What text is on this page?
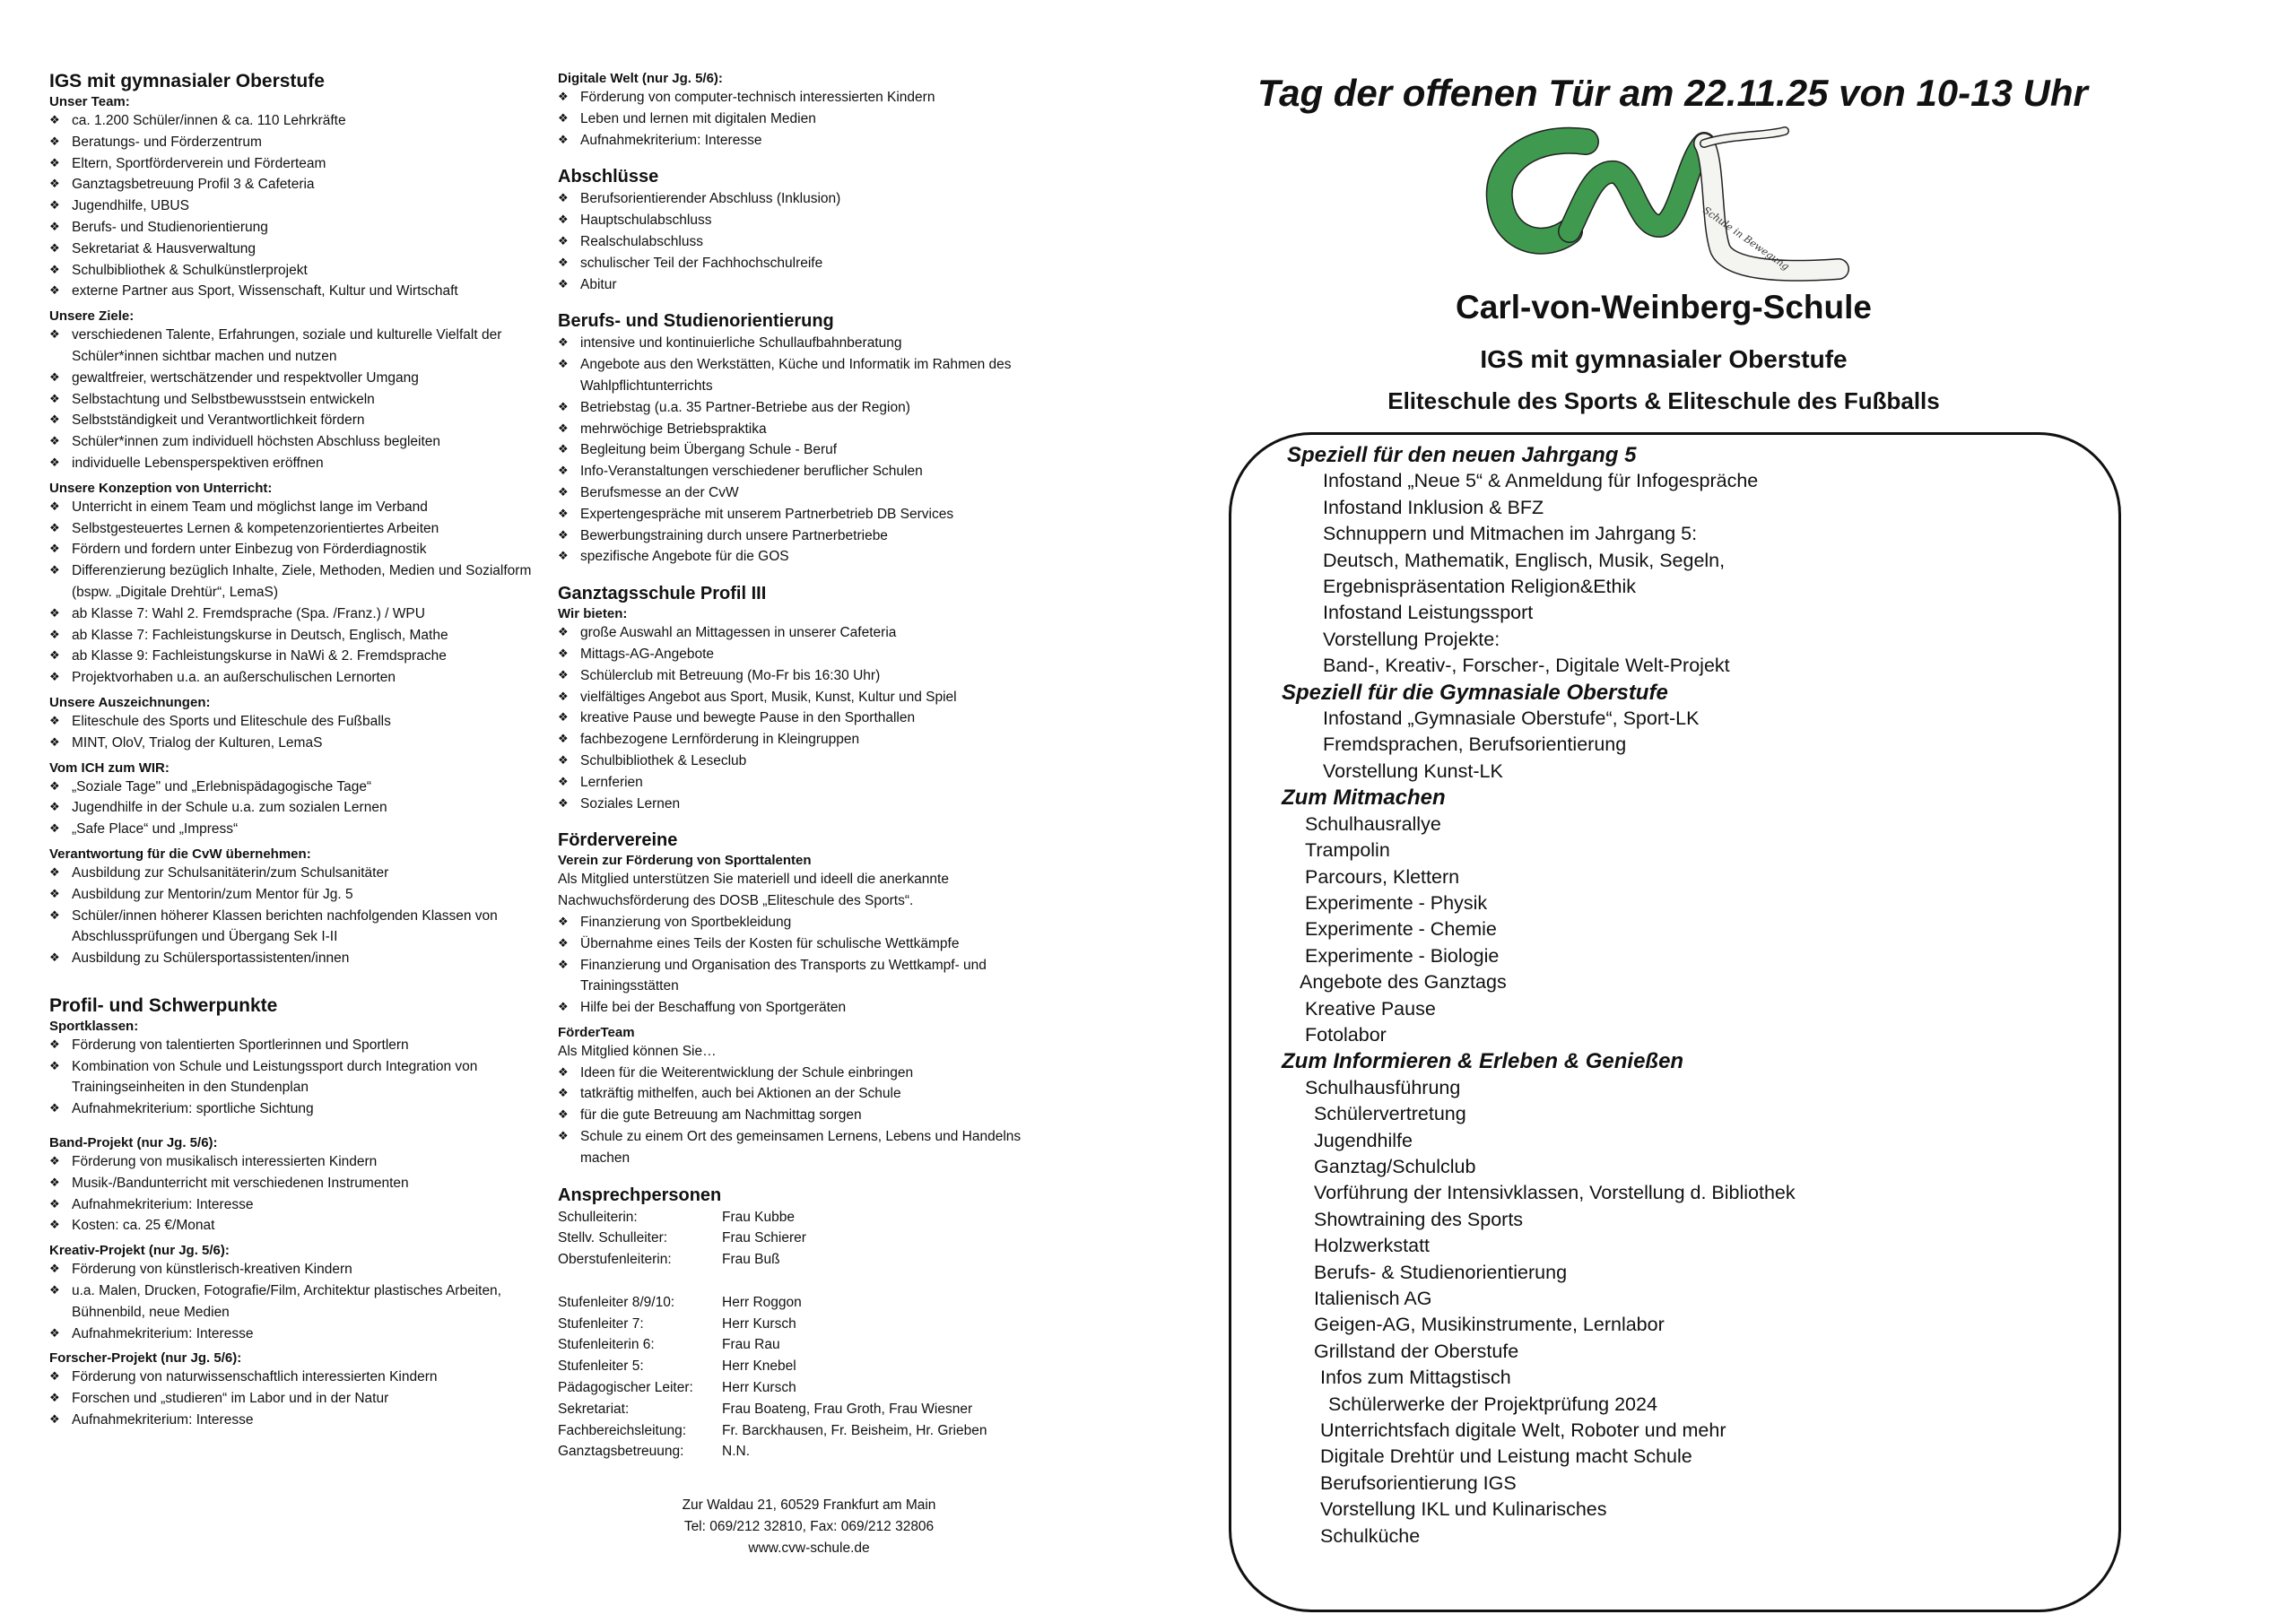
IGS mit gymnasialer Oberstufe

Unser Team:

❖ ca. 1.200 Schüler/innen & ca. 110 Lehrkräfte
❖ Beratungs- und Förderzentrum
❖ Eltern, Sportförderverein und Förderteam
❖ Ganztagsbetreuung Profil 3 & Cafeteria
❖ Jugendhilfe, UBUS
❖ Berufs- und Studienorientierung
❖ Sekretariat & Hausverwaltung
❖ Schulbibliothek & Schulkünstlerprojekt
❖ externe Partner aus Sport, Wissenschaft, Kultur und Wirtschaft

Unsere Ziele:

❖ verschiedenen Talente, Erfahrungen, soziale und kulturelle Vielfalt der Schüler*innen sichtbar machen und nutzen
❖ gewaltfreier, wertschätzender und respektvoller Umgang
❖ Selbstachtung und Selbstbewusstsein entwickeln
❖ Selbstständigkeit und Verantwortlichkeit fördern
❖ Schüler*innen zum individuell höchsten Abschluss begleiten
❖ individuelle Lebensperspektiven eröffnen

Unsere Konzeption von Unterricht:

❖ Unterricht in einem Team und möglichst lange im Verband
❖ Selbstgesteuertes Lernen & kompetenzorientiertes Arbeiten
❖ Fördern und fordern unter Einbezug von Förderdiagnostik
❖ Differenzierung bezüglich Inhalte, Ziele, Methoden, Medien und Sozialform (bspw. „Digitale Drehtür“, LemaS)
❖ ab Klasse 7: Wahl 2. Fremdsprache (Spa. /Franz.) / WPU
❖ ab Klasse 7: Fachleistungskurse in Deutsch, Englisch, Mathe
❖ ab Klasse 9: Fachleistungskurse in NaWi & 2. Fremdsprache
❖ Projektvorhaben u.a. an außerschulischen Lernorten

Unsere Auszeichnungen:

❖ Eliteschule des Sports und Eliteschule des Fußballs
❖ MINT, OloV, Trialog der Kulturen, LemaS

Vom ICH zum WIR:

❖ „Soziale Tage" und „Erlebnispädagogische Tage“
❖ Jugendhilfe in der Schule u.a. zum sozialen Lernen
❖ „Safe Place“ und „Impress“

Verantwortung für die CvW übernehmen:

❖ Ausbildung zur Schulsanitäterin/zum Schulsanitäter
❖ Ausbildung zur Mentorin/zum Mentor für Jg. 5
❖ Schüler/innen höherer Klassen berichten nachfolgenden Klassen von Abschlussprüfungen und Übergang Sek I-II
❖ Ausbildung zu Schülersportassistenten/innen

Profil- und Schwerpunkte

Sportklassen:

❖ Förderung von talentierten Sportlerinnen und Sportlern
❖ Kombination von Schule und Leistungssport durch Integration von Trainingseinheiten in den Stundenplan
❖ Aufnahmekriterium: sportliche Sichtung

Band-Projekt (nur Jg. 5/6):

❖ Förderung von musikalisch interessierten Kindern
❖ Musik-/Bandunterricht mit verschiedenen Instrumenten
❖ Aufnahmekriterium: Interesse
❖ Kosten: ca. 25 €/Monat

Kreativ-Projekt (nur Jg. 5/6):

❖ Förderung von künstlerisch-kreativen Kindern
❖ u.a. Malen, Drucken, Fotografie/Film, Architektur plastisches Arbeiten, Bühnenbild, neue Medien
❖ Aufnahmekriterium: Interesse

Forscher-Projekt (nur Jg. 5/6):

❖ Förderung von naturwissenschaftlich interessierten Kindern
❖ Forschen und „studieren“ im Labor und in der Natur
❖ Aufnahmekriterium: Interesse

Digitale Welt (nur Jg. 5/6):

❖ Förderung von computer-technisch interessierten Kindern
❖ Leben und lernen mit digitalen Medien
❖ Aufnahmekriterium: Interesse

Abschlüsse

❖ Berufsorientierender Abschluss (Inklusion)
❖ Hauptschulabschluss
❖ Realschulabschluss
❖ schulischer Teil der Fachhochschulreife
❖ Abitur

Berufs- und Studienorientierung

❖ intensive und kontinuierliche Schullaufbahnberatung
❖ Angebote aus den Werkstätten, Küche und Informatik im Rahmen des Wahlpflichtunterrichts
❖ Betriebstag (u.a. 35 Partner-Betriebe aus der Region)
❖ mehrwöchige Betriebspraktika
❖ Begleitung beim Übergang Schule - Beruf
❖ Info-Veranstaltungen verschiedener beruflicher Schulen
❖ Berufsmesse an der CvW
❖ Expertengespräche mit unserem Partnerbetrieb DB Services
❖ Bewerbungstraining durch unsere Partnerbetriebe
❖ spezifische Angebote für die GOS

Ganztagsschule Profil III

Wir bieten:

❖ große Auswahl an Mittagessen in unserer Cafeteria
❖ Mittags-AG-Angebote
❖ Schülerclub mit Betreuung (Mo-Fr bis 16:30 Uhr)
❖ vielfältiges Angebot aus Sport, Musik, Kunst, Kultur und Spiel
❖ kreative Pause und bewegte Pause in den Sporthallen
❖ fachbezogene Lernförderung in Kleingruppen
❖ Schulbibliothek & Leseclub
❖ Lernferien
❖ Soziales Lernen

Fördervereine

Verein zur Förderung von Sporttalenten

Als Mitglied unterstützen Sie materiell und ideell die anerkannte Nachwuchsförderung des DOSB „Eliteschule des Sports“.

❖ Finanzierung von Sportbekleidung
❖ Übernahme eines Teils der Kosten für schulische Wettkämpfe
❖ Finanzierung und Organisation des Transports zu Wettkampf- und Trainingsstätten
❖ Hilfe bei der Beschaffung von Sportgeräten

FörderTeam

Als Mitglied können Sie…

❖ Ideen für die Weiterentwicklung der Schule einbringen
❖ tatkräftig mithelfen, auch bei Aktionen an der Schule
❖ für die gute Betreuung am Nachmittag sorgen
❖ Schule zu einem Ort des gemeinsamen Lernens, Lebens und Handelns machen

Ansprechpersonen

Schulleiterin:	Frau Kubbe
Stellv. Schulleiter:	Frau Schierer
Oberstufenleiterin:	Frau Buß
Stufenleiter 8/9/10:	Herr Roggon
Stufenleiter 7:	Herr Kursch
Stufenleiterin 6:	Frau Rau
Stufenleiter 5:	Herr Knebel
Pädagogischer Leiter:	Herr Kursch
Sekretariat:	Frau Boateng, Frau Groth, Frau Wiesner
Fachbereichsleitung:	Fr. Barckhausen, Fr. Beisheim, Hr. Grieben
Ganztagsbetreuung:	N.N.
Zur Waldau 21, 60529 Frankfurt am Main
Tel: 069/212 32810, Fax: 069/212 32806
www.cvw-schule.de
Tag der offenen Tür am 22.11.25 von 10-13 Uhr
Schule in Bewegung
Carl-von-Weinberg-Schule
IGS mit gymnasialer Oberstufe
Eliteschule des Sports & Eliteschule des Fußballs

Speziell für den neuen Jahrgang 5

Infostand „Neue 5“ & Anmeldung für Infogespräche

Infostand Inklusion & BFZ

Schnuppern und Mitmachen im Jahrgang 5:

Deutsch, Mathematik, Englisch, Musik, Segeln,

Ergebnispräsentation Religion&Ethik

Infostand Leistungssport

Vorstellung Projekte:

Band-, Kreativ-, Forscher-, Digitale Welt-Projekt

Speziell für die Gymnasiale Oberstufe

Infostand „Gymnasiale Oberstufe“, Sport-LK

Fremdsprachen, Berufsorientierung

Vorstellung Kunst-LK

Zum Mitmachen

Schulhausrallye

Trampolin

Parcours, Klettern

Experimente - Physik

Experimente - Chemie

Experimente - Biologie

Angebote des Ganztags

Kreative Pause

Fotolabor

Zum Informieren & Erleben & Genießen

Schulhausführung

Schülervertretung

Jugendhilfe

Ganztag/Schulclub

Vorführung der Intensivklassen, Vorstellung d. Bibliothek

Showtraining des Sports

Holzwerkstatt

Berufs- & Studienorientierung

Italienisch AG

Geigen-AG, Musikinstrumente, Lernlabor

Grillstand der Oberstufe

Infos zum Mittagstisch

Schülerwerke der Projektprüfung 2024

Unterrichtsfach digitale Welt, Roboter und mehr

Digitale Drehtür und Leistung macht Schule

Berufsorientierung IGS

Vorstellung IKL und Kulinarisches

Schulküche
